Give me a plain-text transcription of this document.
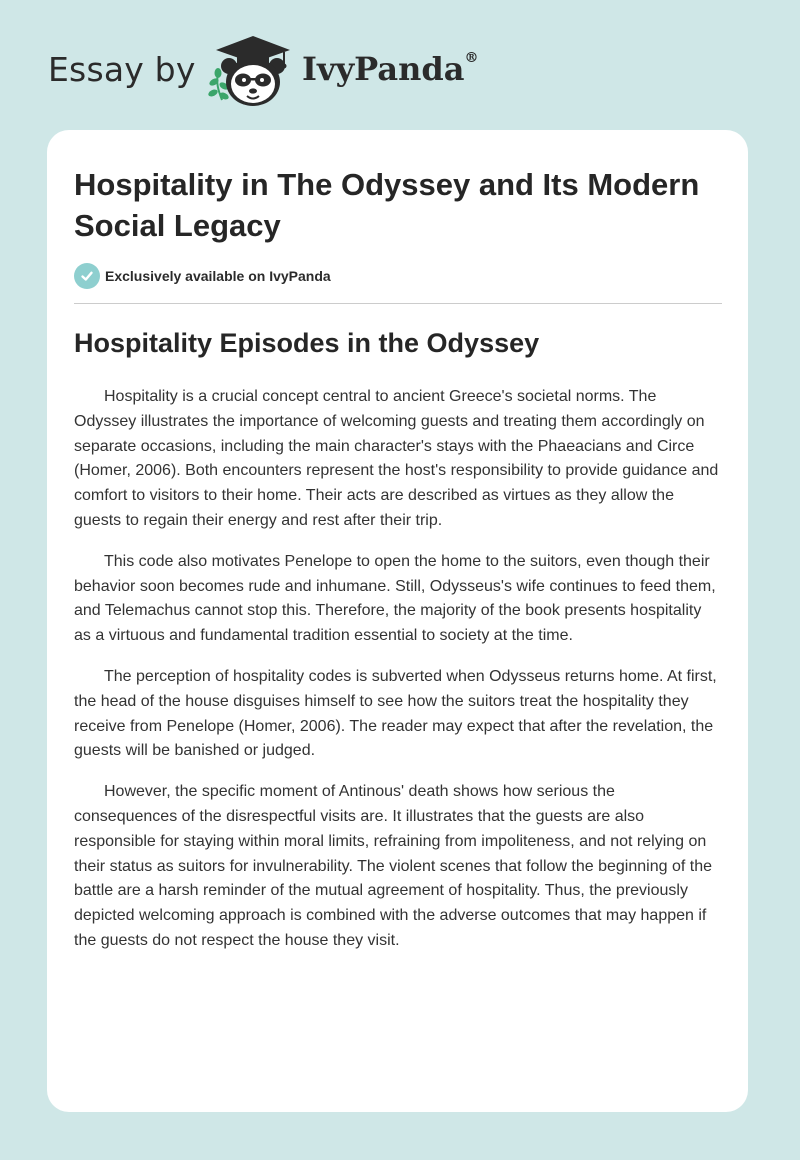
Essay by	IvyPanda®
Hospitality in The Odyssey and Its Modern Social Legacy
Exclusively available on IvyPanda
Hospitality Episodes in the Odyssey

Hospitality is a crucial concept central to ancient Greece's societal norms. The Odyssey illustrates the importance of welcoming guests and treating them accordingly on separate occasions, including the main character's stays with the Phaeacians and Circe (Homer, 2006). Both encounters represent the host's responsibility to provide guidance and comfort to visitors to their home. Their acts are described as virtues as they allow the guests to regain their energy and rest after their trip.

This code also motivates Penelope to open the home to the suitors, even though their behavior soon becomes rude and inhumane. Still, Odysseus's wife continues to feed them, and Telemachus cannot stop this. Therefore, the majority of the book presents hospitality as a virtuous and fundamental tradition essential to society at the time.

The perception of hospitality codes is subverted when Odysseus returns home. At first, the head of the house disguises himself to see how the suitors treat the hospitality they receive from Penelope (Homer, 2006). The reader may expect that after the revelation, the guests will be banished or judged.

However, the specific moment of Antinous' death shows how serious the consequences of the disrespectful visits are. It illustrates that the guests are also responsible for staying within moral limits, refraining from impoliteness, and not relying on their status as suitors for invulnerability. The violent scenes that follow the beginning of the battle are a harsh reminder of the mutual agreement of hospitality. Thus, the previously depicted welcoming approach is combined with the adverse outcomes that may happen if the guests do not respect the house they visit.
